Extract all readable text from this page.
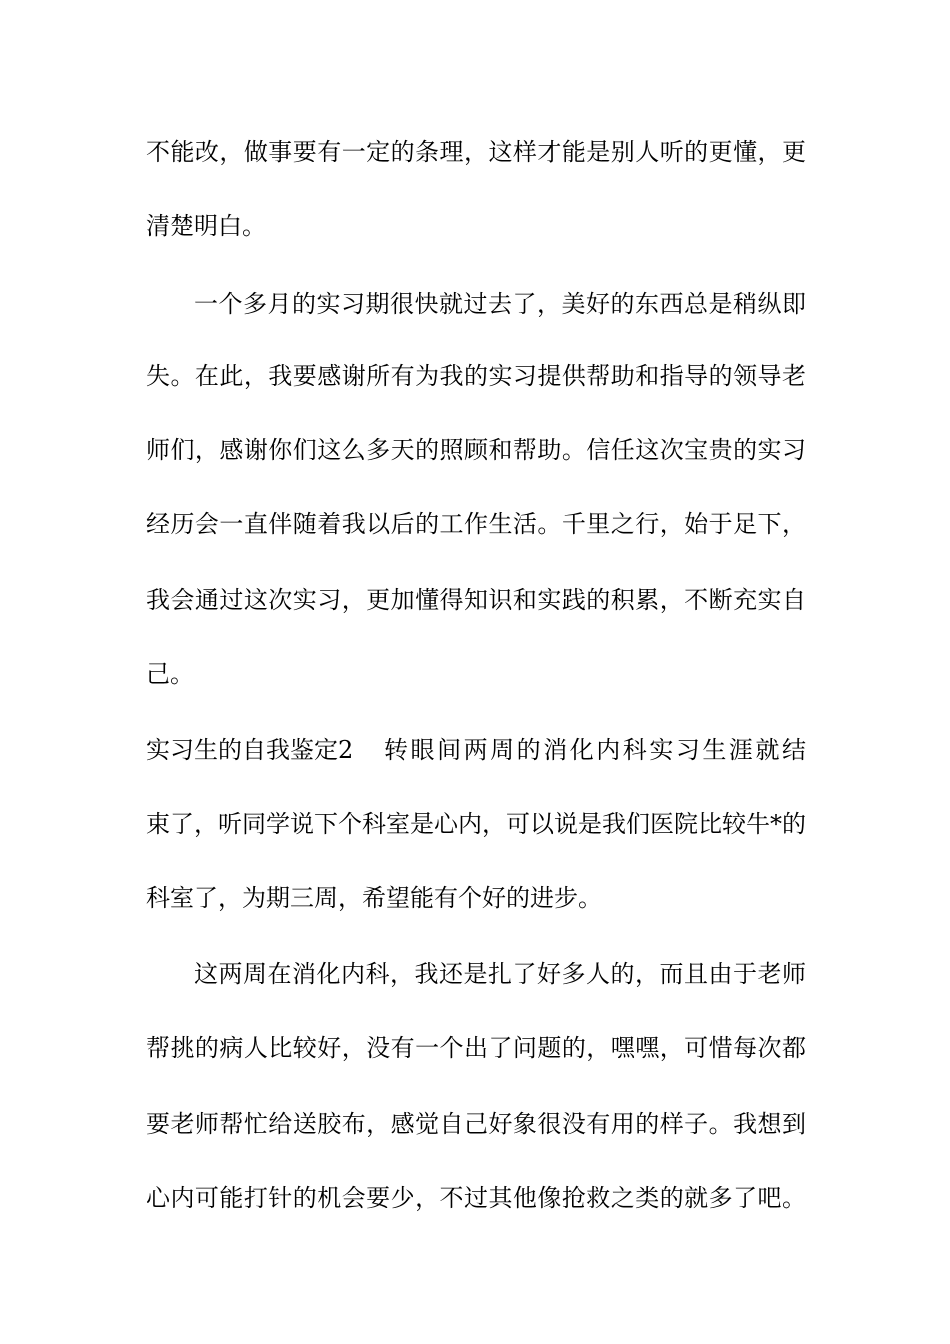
不能改，做事要有一定的条理，这样才能是别人听的更懂，更
清楚明白。
一个多月的实习期很快就过去了，美好的东西总是稍纵即
失。在此，我要感谢所有为我的实习提供帮助和指导的领导老
师们，感谢你们这么多天的照顾和帮助。信任这次宝贵的实习
经历会一直伴随着我以后的工作生活。千里之行，始于足下，
我会通过这次实习，更加懂得知识和实践的积累，不断充实自
己。
实习生的自我鉴定2	转眼间两周的消化内科实习生涯就结
束了，听同学说下个科室是心内，可以说是我们医院比较牛*的
科室了，为期三周，希望能有个好的进步。
这两周在消化内科，我还是扎了好多人的，而且由于老师
帮挑的病人比较好，没有一个出了问题的，嘿嘿，可惜每次都
要老师帮忙给送胶布，感觉自己好象很没有用的样子。我想到
心内可能打针的机会要少，不过其他像抢救之类的就多了吧。
